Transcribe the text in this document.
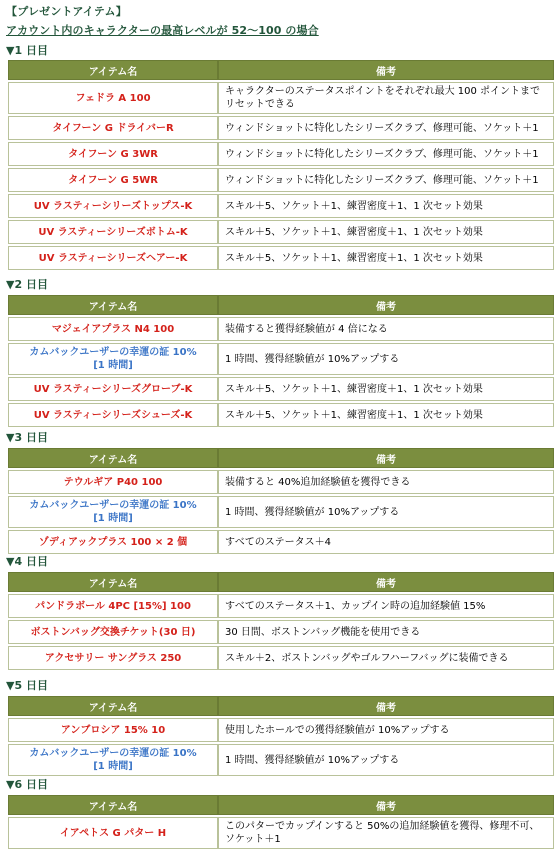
【プレゼントアイテム】
アカウント内のキャラクターの最高レベルが 52〜100 の場合
▼1 日目
アイテム名	備考
フェドラ A 100	キャラクターのステータスポイントをそれぞれ最大 100 ポイントまでリセットできる
タイフーン G ドライバーR	ウィンドショットに特化したシリーズクラブ、修理可能、ソケット＋1
タイフーン G 3WR	ウィンドショットに特化したシリーズクラブ、修理可能、ソケット＋1
タイフーン G 5WR	ウィンドショットに特化したシリーズクラブ、修理可能、ソケット＋1
UV ラスティーシリーズトップス-K	スキル＋5、ソケット＋1、練習密度＋1、1 次セット効果
UV ラスティーシリーズボトム-K	スキル＋5、ソケット＋1、練習密度＋1、1 次セット効果
UV ラスティーシリーズヘアー-K	スキル＋5、ソケット＋1、練習密度＋1、1 次セット効果
▼2 日目
アイテム名	備考
マジェイアプラス N4 100	装備すると獲得経験値が 4 倍になる
カムバックユーザーの幸運の証 10%
[1 時間]	1 時間、獲得経験値が 10%アップする
UV ラスティーシリーズグローブ-K	スキル＋5、ソケット＋1、練習密度＋1、1 次セット効果
UV ラスティーシリーズシューズ-K	スキル＋5、ソケット＋1、練習密度＋1、1 次セット効果
▼3 日目
アイテム名	備考
テウルギア P40 100	装備すると 40%追加経験値を獲得できる
カムバックユーザーの幸運の証 10%
[1 時間]	1 時間、獲得経験値が 10%アップする
ゾディアックプラス 100 × 2 個	すべてのステータス＋4
▼4 日目
アイテム名	備考
パンドラボール 4PC [15%] 100	すべてのステータス＋1、カップイン時の追加経験値 15%
ボストンバッグ交換チケット(30 日)	30 日間、ボストンバッグ機能を使用できる
アクセサリー サングラス 250	スキル＋2、ボストンバッグやゴルフハーフバッグに装備できる
▼5 日目
アイテム名	備考
アンブロシア 15% 10	使用したホールでの獲得経験値が 10%アップする
カムバックユーザーの幸運の証 10%
[1 時間]	1 時間、獲得経験値が 10%アップする
▼6 日目
アイテム名	備考
イアペトス G パター H	このパターでカップインすると 50%の追加経験値を獲得、修理不可、ソケット＋1
